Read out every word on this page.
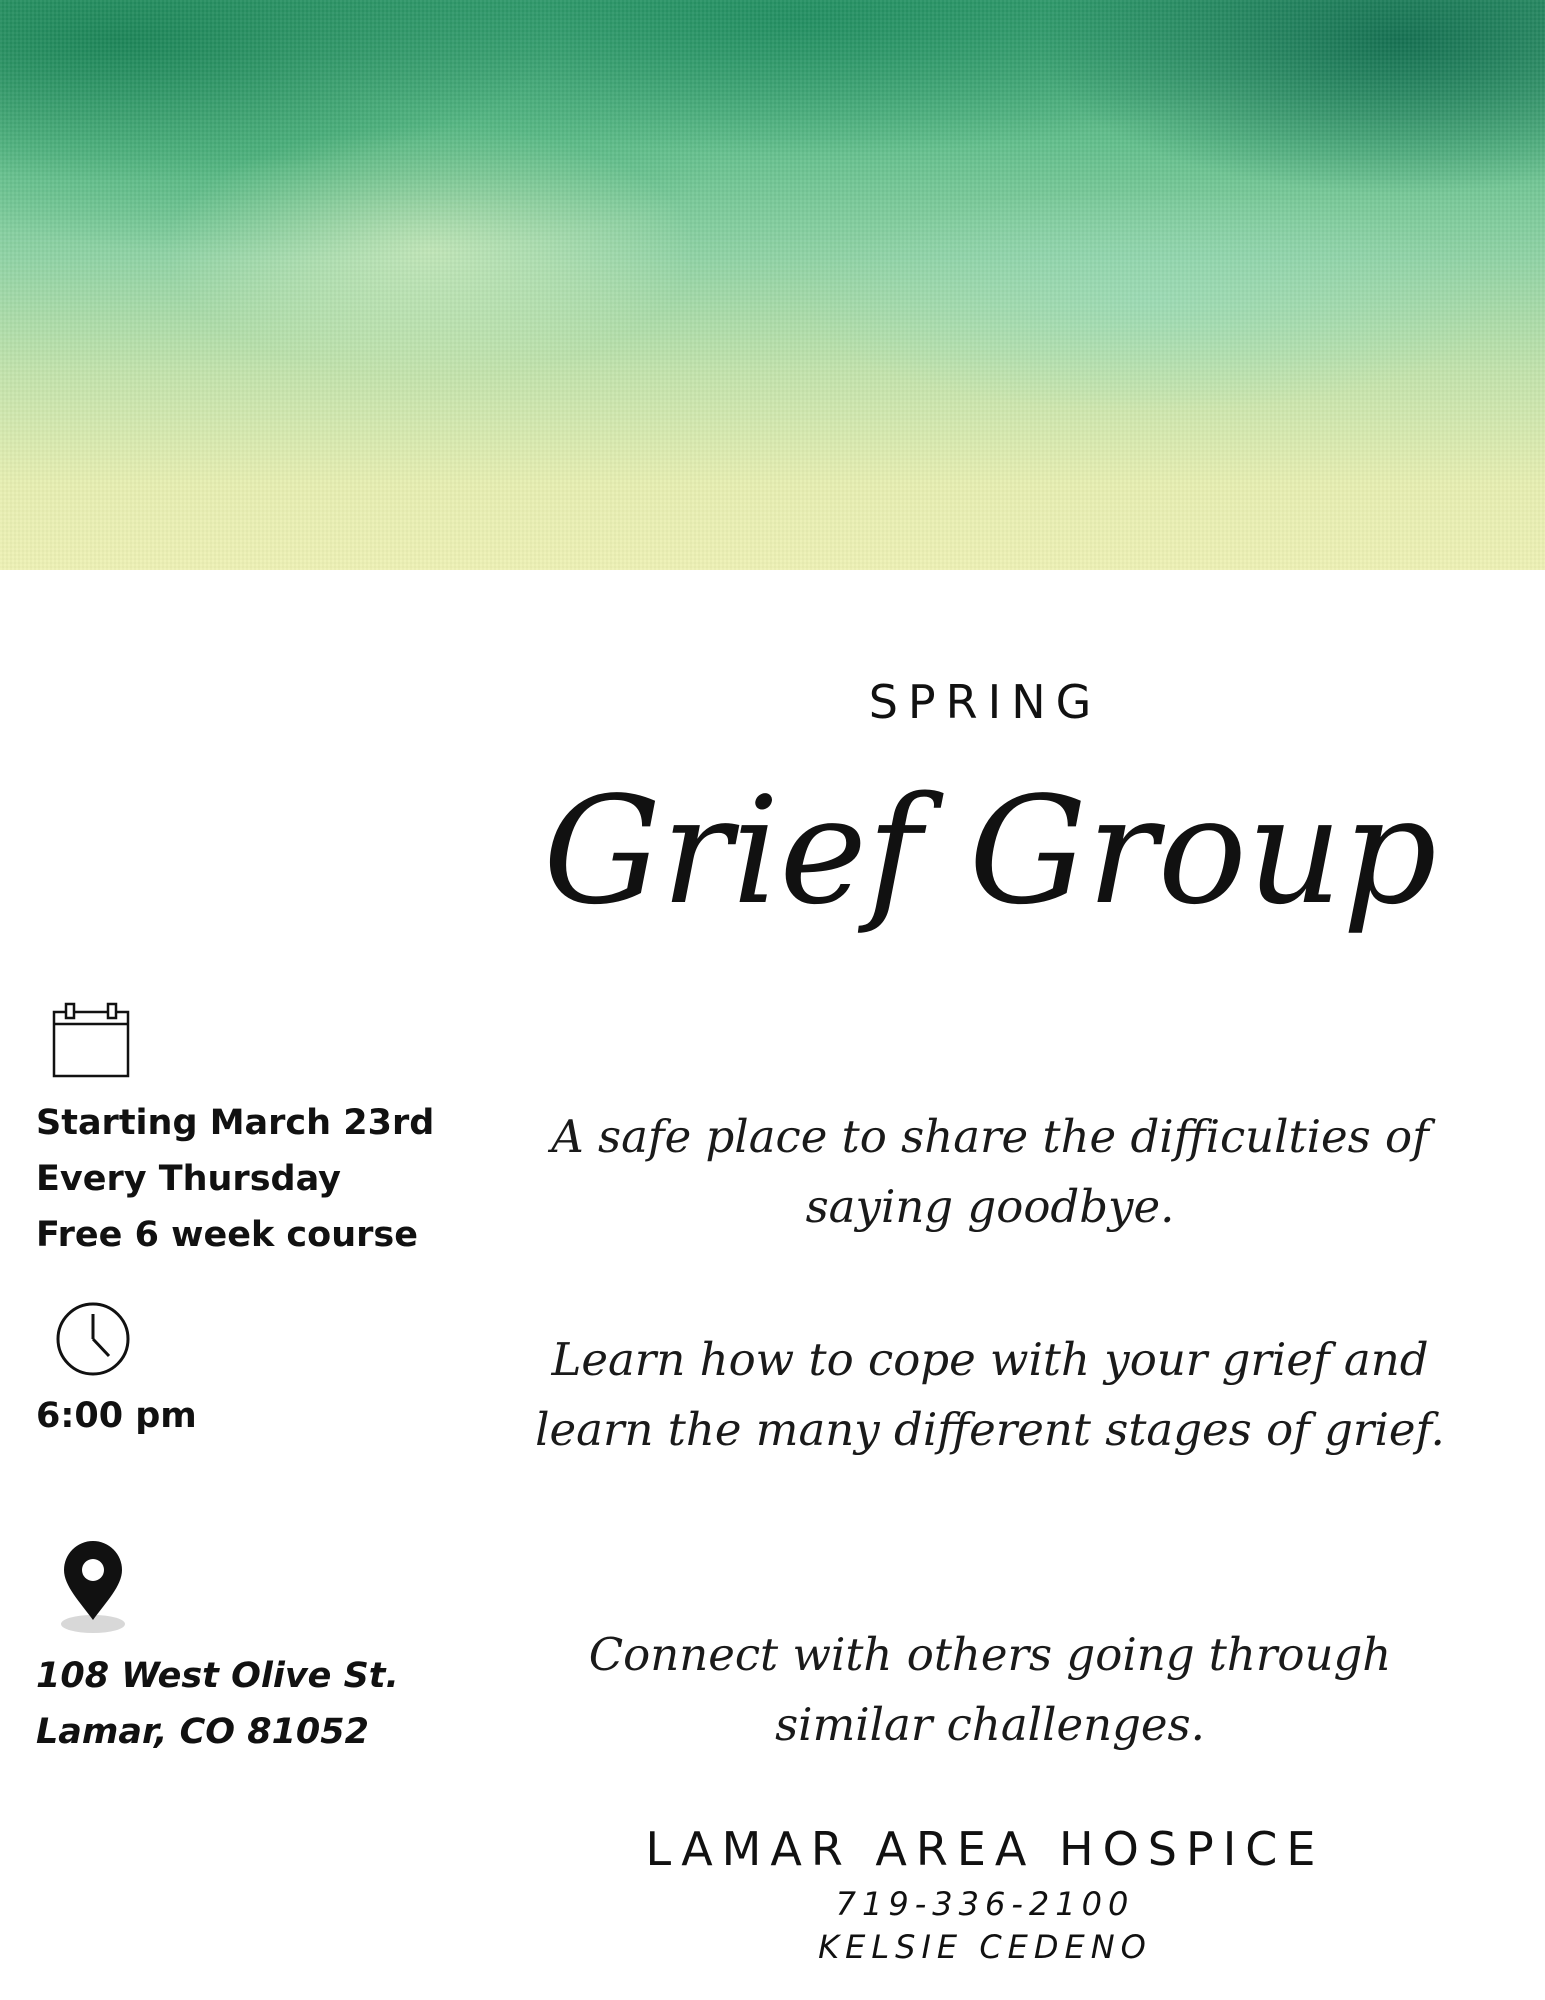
SPRING
Grief Group
A safe place to share the difficulties of saying goodbye.
Learn how to cope with your grief and learn the many different stages of grief.
Connect with others going through similar challenges.
LAMAR AREA HOSPICE
719-336-2100
KELSIE CEDENO
Starting March 23rd
Every Thursday
Free 6 week course
6:00 pm
108 West Olive St.
Lamar, CO 81052
